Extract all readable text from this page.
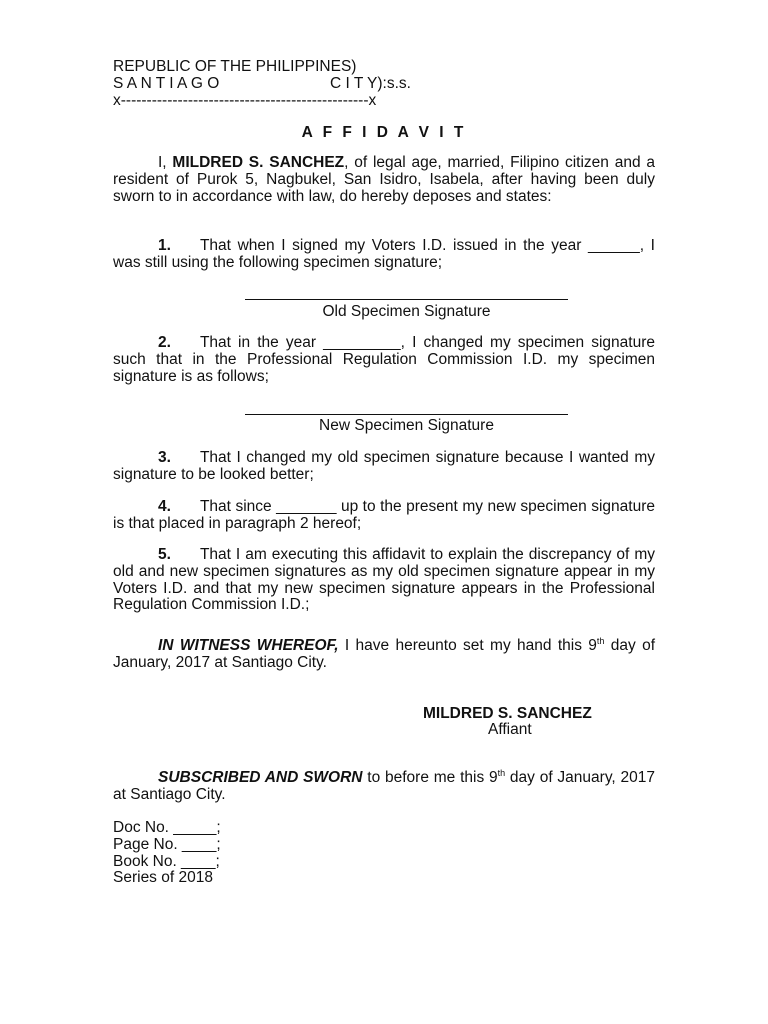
REPUBLIC OF THE PHILIPPINES)
S A N T I A G O	C I T Y):s.s.
x------------------------------------------------x
A F F I D A V I T
I, MILDRED S. SANCHEZ, of legal age, married, Filipino citizen and a resident of Purok 5, Nagbukel, San Isidro, Isabela, after having been duly sworn to in accordance with law, do hereby deposes and states:
1. That when I signed my Voters I.D. issued in the year ______, I was still using the following specimen signature;
Old Specimen Signature
2. That in the year _________, I changed my specimen signature such that in the Professional Regulation Commission I.D. my specimen signature is as follows;
New Specimen Signature
3. That I changed my old specimen signature because I wanted my signature to be looked better;
4. That since _______ up to the present my new specimen signature is that placed in paragraph 2 hereof;
5. That I am executing this affidavit to explain the discrepancy of my old and new specimen signatures as my old specimen signature appear in my Voters I.D. and that my new specimen signature appears in the Professional Regulation Commission I.D.;
IN WITNESS WHEREOF, I have hereunto set my hand this 9th day of January, 2017 at Santiago City.
MILDRED S. SANCHEZ
Affiant
SUBSCRIBED AND SWORN to before me this 9th day of January, 2017 at Santiago City.
Doc No. _____;
Page No. ____;
Book No. ____;
Series of 2018
